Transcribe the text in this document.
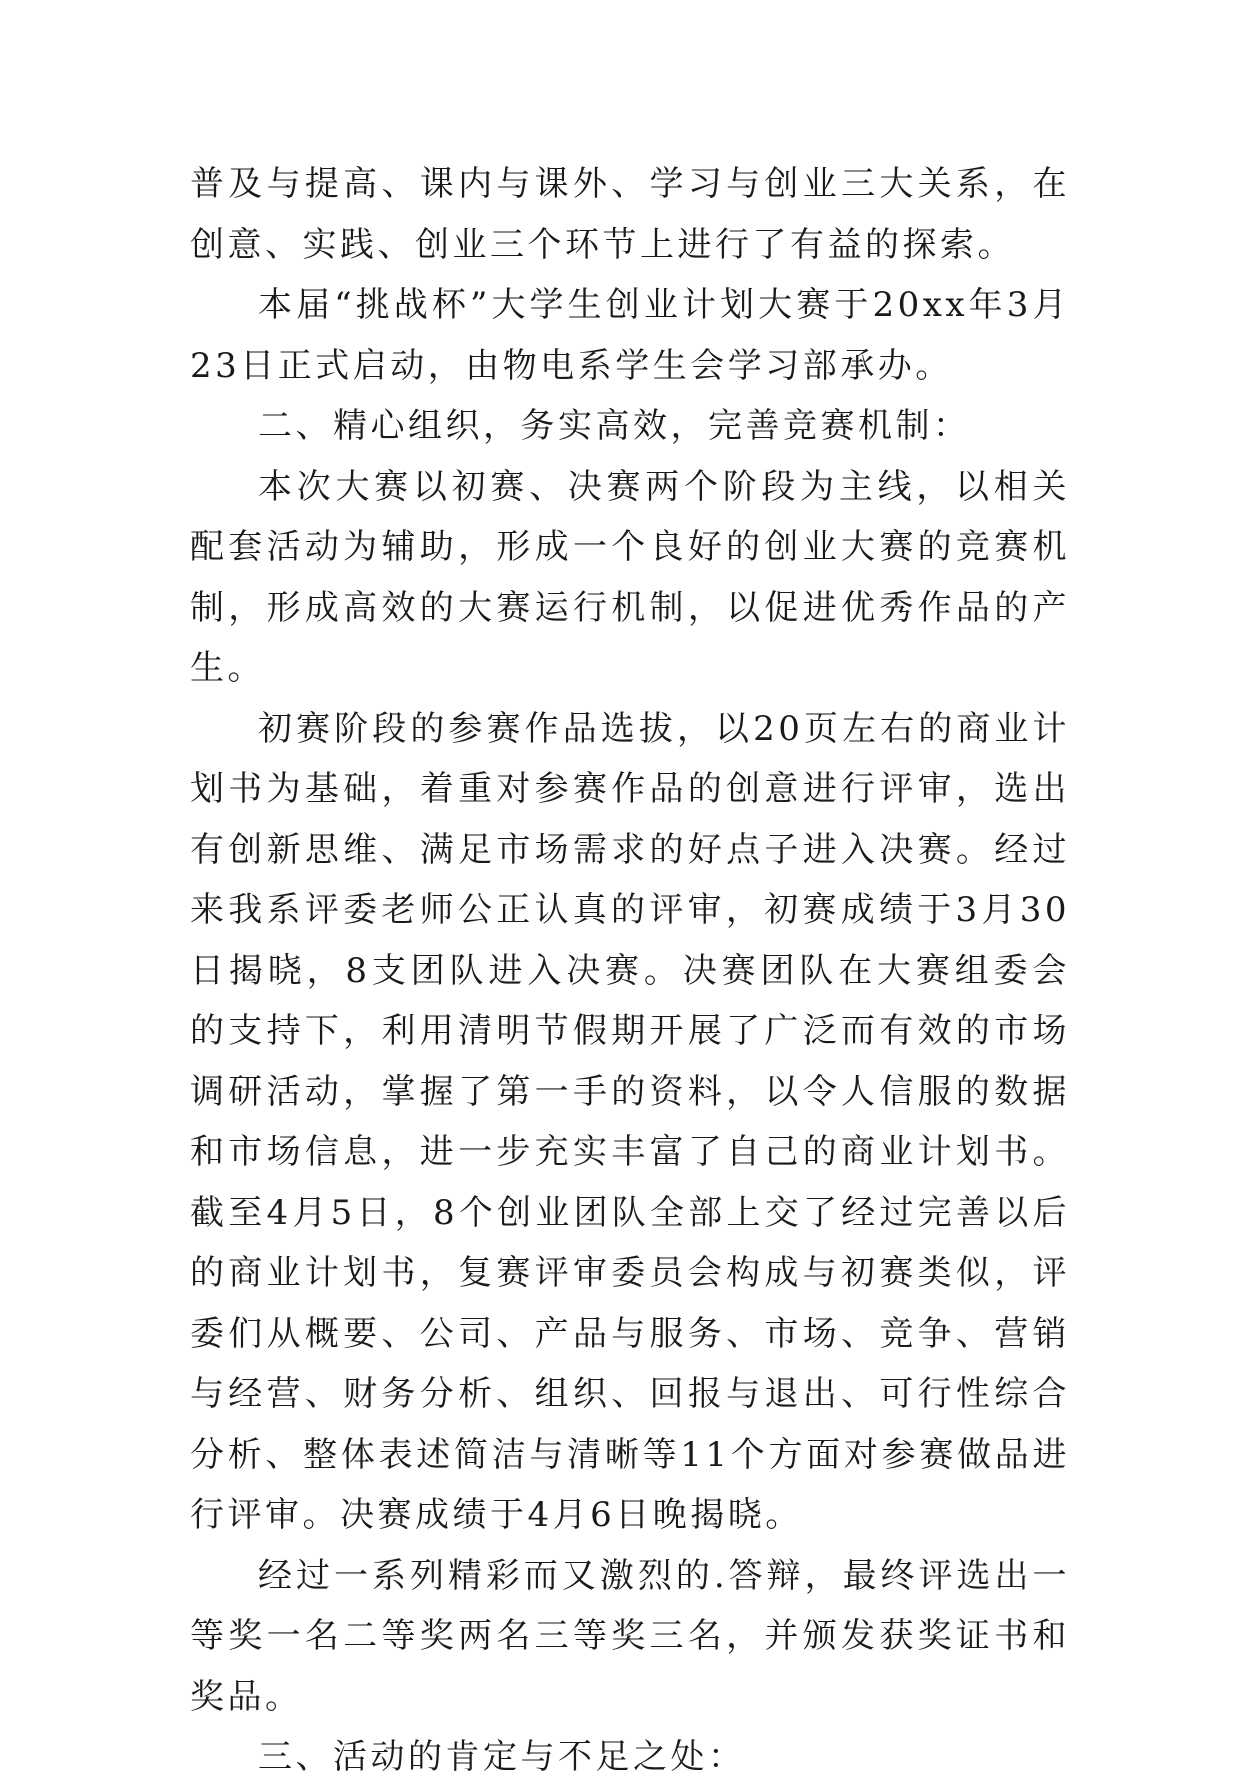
普及与提高、课内与课外、学习与创业三大关系，在创意、实践、创业三个环节上进行了有益的探索。

本届“挑战杯”大学生创业计划大赛于20xx年3月23日正式启动，由物电系学生会学习部承办。

二、精心组织，务实高效，完善竞赛机制：

本次大赛以初赛、决赛两个阶段为主线，以相关配套活动为辅助，形成一个良好的创业大赛的竞赛机制，形成高效的大赛运行机制，以促进优秀作品的产生。

初赛阶段的参赛作品选拔，以20页左右的商业计划书为基础，着重对参赛作品的创意进行评审，选出有创新思维、满足市场需求的好点子进入决赛。经过来我系评委老师公正认真的评审，初赛成绩于3月30日揭晓，8支团队进入决赛。决赛团队在大赛组委会的支持下，利用清明节假期开展了广泛而有效的市场调研活动，掌握了第一手的资料，以令人信服的数据和市场信息，进一步充实丰富了自己的商业计划书。截至4月5日，8个创业团队全部上交了经过完善以后的商业计划书，复赛评审委员会构成与初赛类似，评委们从概要、公司、产品与服务、市场、竞争、营销与经营、财务分析、组织、回报与退出、可行性综合分析、整体表述简洁与清晰等11个方面对参赛做品进行评审。决赛成绩于4月6日晚揭晓。

经过一系列精彩而又激烈的.答辩，最终评选出一等奖一名二等奖两名三等奖三名，并颁发获奖证书和奖品。

三、活动的肯定与不足之处：
